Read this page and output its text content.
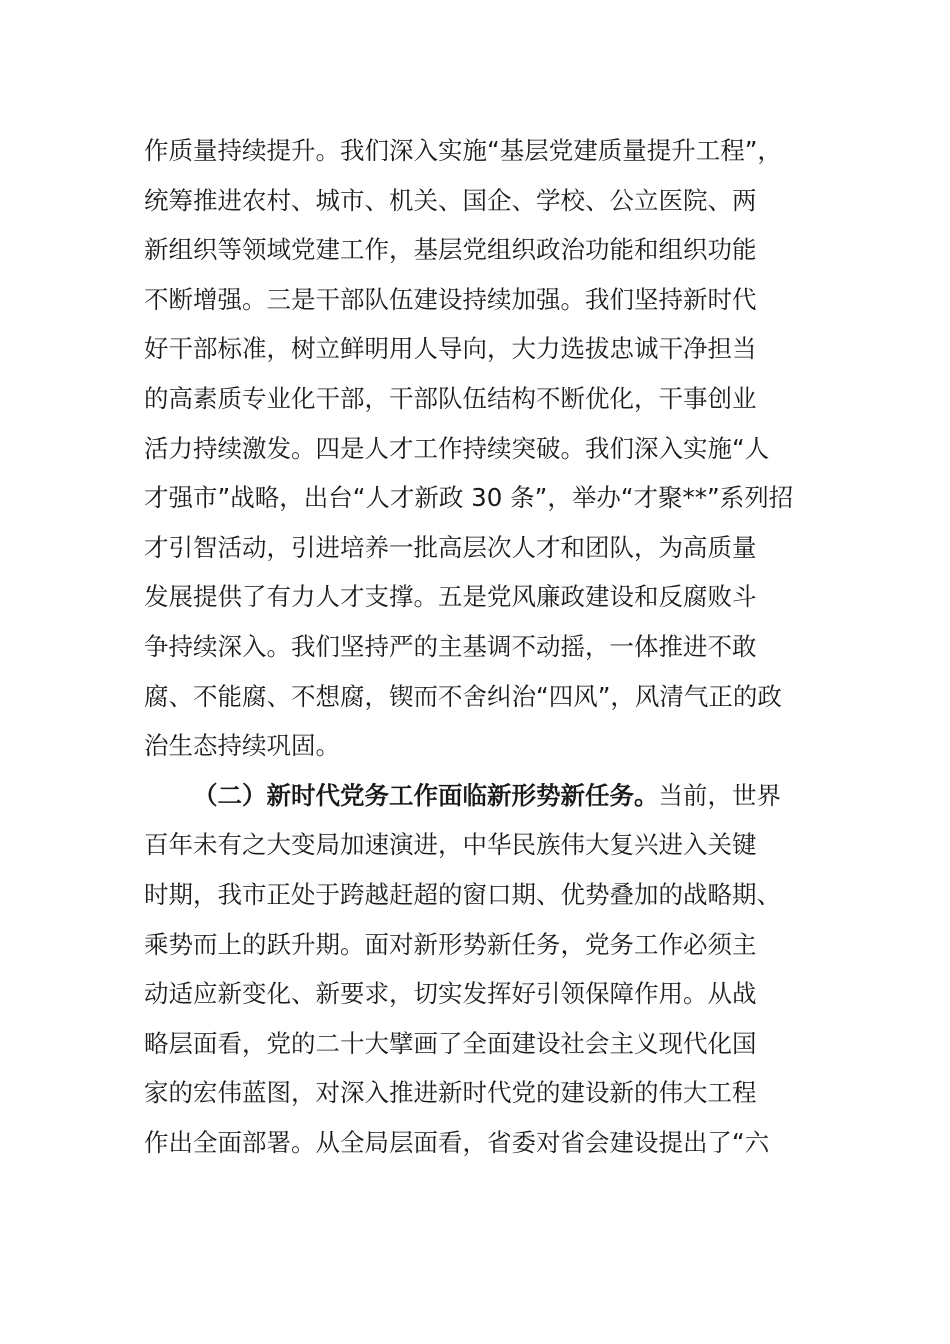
作质量持续提升。我们深入实施“基层党建质量提升工程”，
统筹推进农村、城市、机关、国企、学校、公立医院、两
新组织等领域党建工作，基层党组织政治功能和组织功能
不断增强。三是干部队伍建设持续加强。我们坚持新时代
好干部标准，树立鲜明用人导向，大力选拔忠诚干净担当
的高素质专业化干部，干部队伍结构不断优化，干事创业
活力持续激发。四是人才工作持续突破。我们深入实施“人
才强市”战略，出台“人才新政 30 条”，举办“才聚**”系列招
才引智活动，引进培养一批高层次人才和团队，为高质量
发展提供了有力人才支撑。五是党风廉政建设和反腐败斗
争持续深入。我们坚持严的主基调不动摇，一体推进不敢
腐、不能腐、不想腐，锲而不舍纠治“四风”，风清气正的政
治生态持续巩固。
（二）新时代党务工作面临新形势新任务。当前，世界
百年未有之大变局加速演进，中华民族伟大复兴进入关键
时期，我市正处于跨越赶超的窗口期、优势叠加的战略期、
乘势而上的跃升期。面对新形势新任务，党务工作必须主
动适应新变化、新要求，切实发挥好引领保障作用。从战
略层面看，党的二十大擘画了全面建设社会主义现代化国
家的宏伟蓝图，对深入推进新时代党的建设新的伟大工程
作出全面部署。从全局层面看，省委对省会建设提出了“六
